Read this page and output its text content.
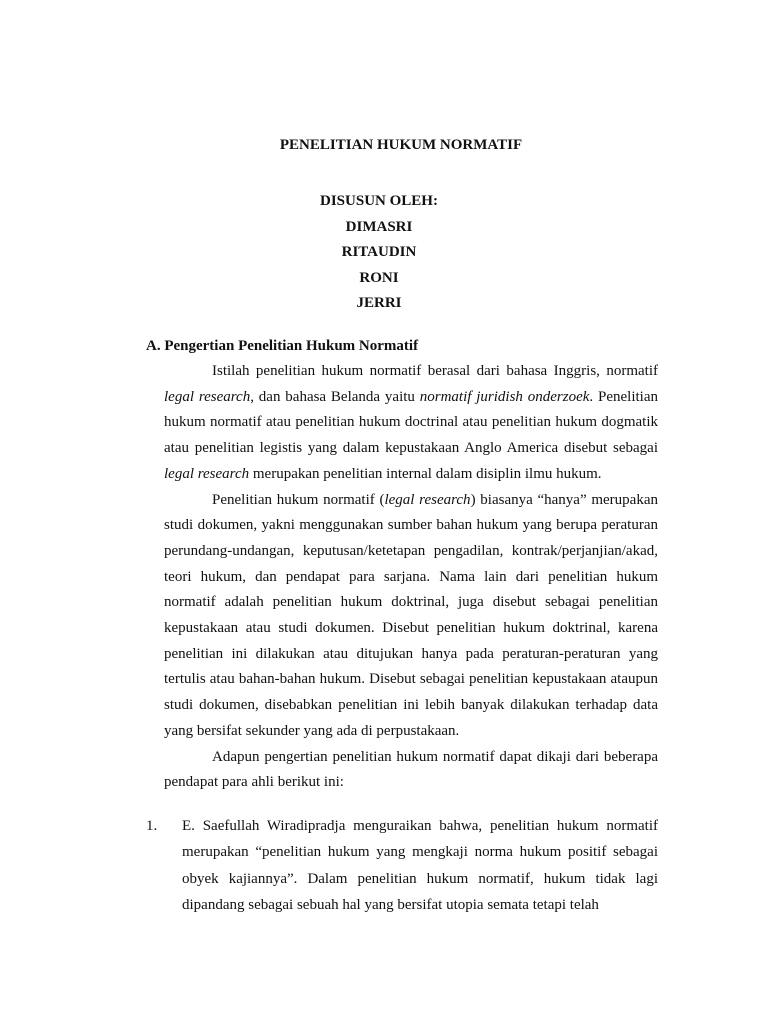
PENELITIAN HUKUM NORMATIF
DISUSUN OLEH:
DIMASRI
RITAUDIN
RONI
JERRI
A. Pengertian Penelitian Hukum Normatif

Istilah penelitian hukum normatif berasal dari bahasa Inggris, normatif legal research, dan bahasa Belanda yaitu normatif juridish onderzoek. Penelitian hukum normatif atau penelitian hukum doctrinal atau penelitian hukum dogmatik atau penelitian legistis yang dalam kepustakaan Anglo America disebut sebagai legal research merupakan penelitian internal dalam disiplin ilmu hukum.

Penelitian hukum normatif (legal research) biasanya “hanya” merupakan studi dokumen, yakni menggunakan sumber bahan hukum yang berupa peraturan perundang-undangan, keputusan/ketetapan pengadilan, kontrak/perjanjian/akad, teori hukum, dan pendapat para sarjana. Nama lain dari penelitian hukum normatif adalah penelitian hukum doktrinal, juga disebut sebagai penelitian kepustakaan atau studi dokumen. Disebut penelitian hukum doktrinal, karena penelitian ini dilakukan atau ditujukan hanya pada peraturan-peraturan yang tertulis atau bahan-bahan hukum. Disebut sebagai penelitian kepustakaan ataupun studi dokumen, disebabkan penelitian ini lebih banyak dilakukan terhadap data yang bersifat sekunder yang ada di perpustakaan.

Adapun pengertian penelitian hukum normatif dapat dikaji dari beberapa pendapat para ahli berikut ini:

1.	E. Saefullah Wiradipradja menguraikan bahwa, penelitian hukum normatif merupakan “penelitian hukum yang mengkaji norma hukum positif sebagai obyek kajiannya”. Dalam penelitian hukum normatif, hukum tidak lagi dipandang sebagai sebuah hal yang bersifat utopia semata tetapi telah
